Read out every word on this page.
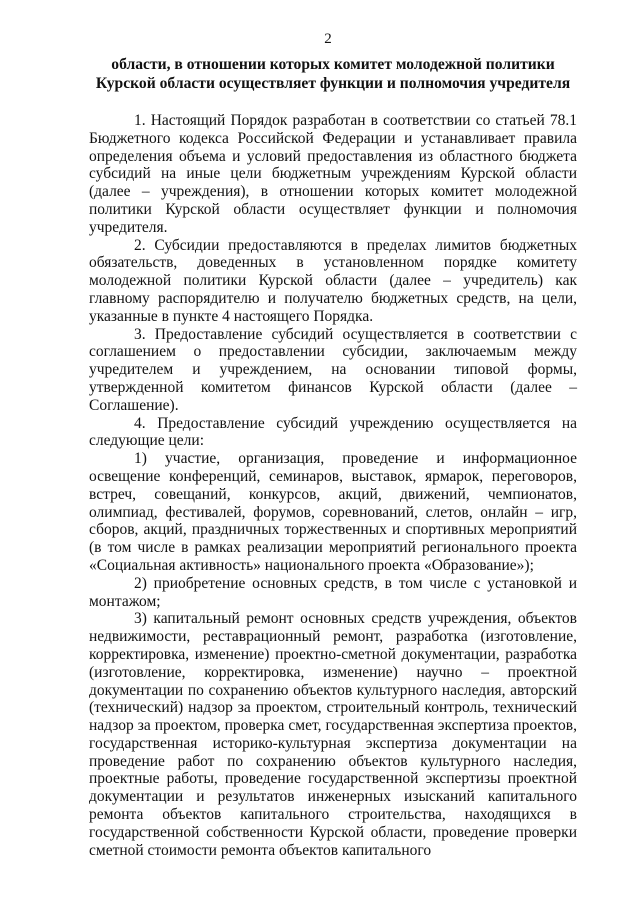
2
области, в отношении которых комитет молодежной политики
Курской области осуществляет функции и полномочия учредителя

1. Настоящий Порядок разработан в соответствии со статьей 78.1 Бюджетного кодекса Российской Федерации и устанавливает правила определения объема и условий предоставления из областного бюджета субсидий на иные цели бюджетным учреждениям Курской области (далее – учреждения), в отношении которых комитет молодежной политики Курской области осуществляет функции и полномочия учредителя.

2. Субсидии предоставляются в пределах лимитов бюджетных обязательств, доведенных в установленном порядке комитету молодежной политики Курской области (далее – учредитель) как главному распорядителю и получателю бюджетных средств, на цели, указанные в пункте 4 настоящего Порядка.

3. Предоставление субсидий осуществляется в соответствии с соглашением о предоставлении субсидии, заключаемым между учредителем и учреждением, на основании типовой формы, утвержденной комитетом финансов Курской области (далее – Соглашение).

4. Предоставление субсидий учреждению осуществляется на следующие цели:

1) участие, организация, проведение и информационное освещение конференций, семинаров, выставок, ярмарок, переговоров, встреч, совещаний, конкурсов, акций, движений, чемпионатов, олимпиад, фестивалей, форумов, соревнований, слетов, онлайн – игр, сборов, акций, праздничных торжественных и спортивных мероприятий (в том числе в рамках реализации мероприятий регионального проекта «Социальная активность» национального проекта «Образование»);

2) приобретение основных средств, в том числе с установкой и монтажом;

3) капитальный ремонт основных средств учреждения, объектов недвижимости, реставрационный ремонт, разработка (изготовление, корректировка, изменение) проектно-сметной документации, разработка (изготовление, корректировка, изменение) научно – проектной документации по сохранению объектов культурного наследия, авторский (технический) надзор за проектом, строительный контроль, технический надзор за проектом, проверка смет, государственная экспертиза проектов, государственная историко-культурная экспертиза документации на проведение работ по сохранению объектов культурного наследия, проектные работы, проведение государственной экспертизы проектной документации и результатов инженерных изысканий капитального ремонта объектов капитального строительства, находящихся в государственной собственности Курской области, проведение проверки сметной стоимости ремонта объектов капитального
